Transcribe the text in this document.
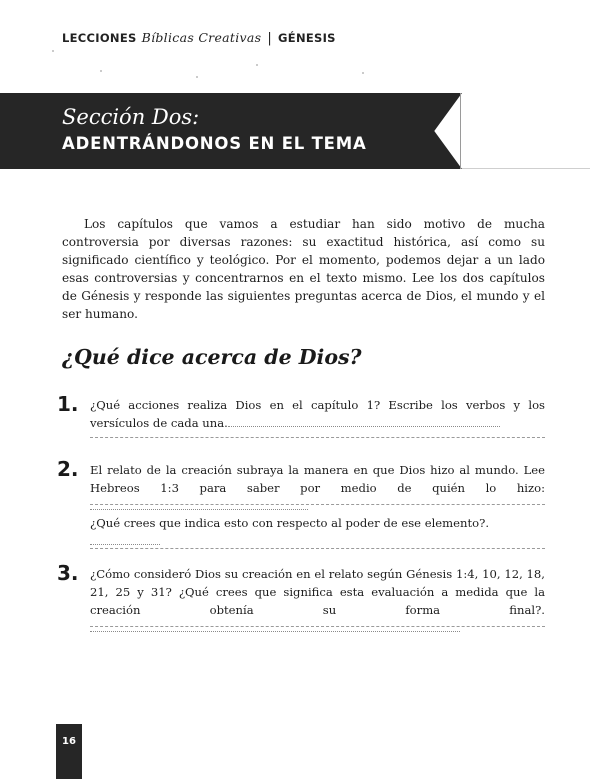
LECCIONES Bíblicas Creativas | GÉNESIS
Sección Dos:
ADENTRÁNDONOS EN EL TEMA

Los capítulos que vamos a estudiar han sido motivo de mucha controversia por diversas razones: su exactitud histórica, así como su significado científico y teológico. Por el momento, podemos dejar a un lado esas controversias y concentrarnos en el texto mismo. Lee los dos capítulos de Génesis y responde las siguientes preguntas acerca de Dios, el mundo y el ser humano.

¿Qué dice acerca de Dios?
1. ¿Qué acciones realiza Dios en el capítulo 1? Escribe los verbos y los versículos de cada una.

2. El relato de la creación subraya la manera en que Dios hizo al mundo. Lee Hebreos 1:3 para saber por medio de quién lo hizo:

¿Qué crees que indica esto con respecto al poder de ese elemento?.

3. ¿Cómo consideró Dios su creación en el relato según Génesis 1:4, 10, 12, 18, 21, 25 y 31? ¿Qué crees que significa esta evaluación a medida que la creación obtenía su forma final?.

16
